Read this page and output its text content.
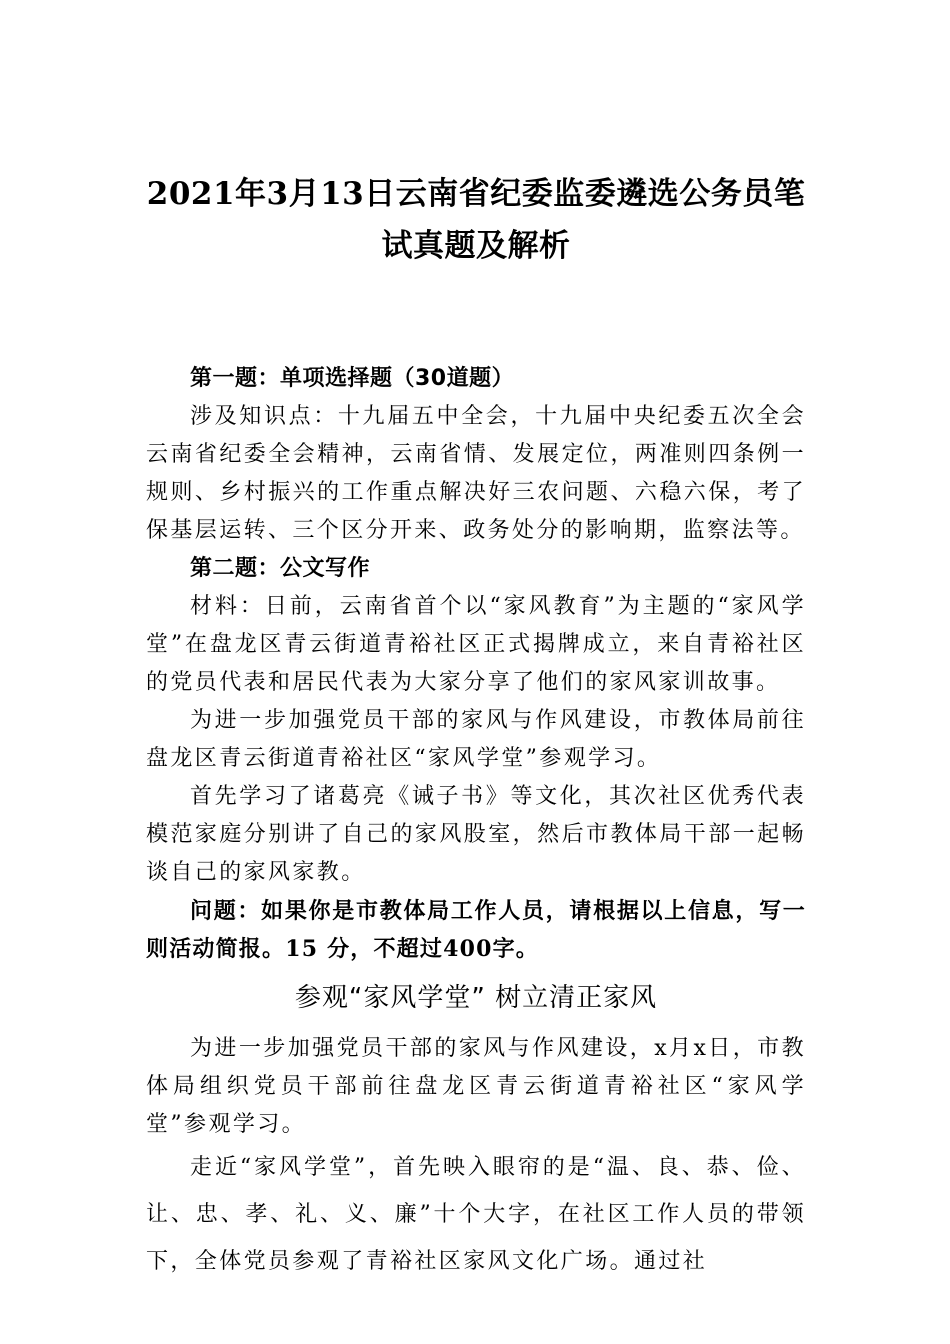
2021年3月13日云南省纪委监委遴选公务员笔试真题及解析

第一题：单项选择题（30道题）

涉及知识点：十九届五中全会，十九届中央纪委五次全会云南省纪委全会精神，云南省情、发展定位，两准则四条例一规则、乡村振兴的工作重点解决好三农问题、六稳六保，考了保基层运转、三个区分开来、政务处分的影响期，监察法等。

第二题：公文写作

材料：日前，云南省首个以“家风教育”为主题的“家风学堂”在盘龙区青云街道青裕社区正式揭牌成立，来自青裕社区的党员代表和居民代表为大家分享了他们的家风家训故事。

为进一步加强党员干部的家风与作风建设，市教体局前往盘龙区青云街道青裕社区“家风学堂”参观学习。

首先学习了诸葛亮《诫子书》等文化，其次社区优秀代表模范家庭分别讲了自己的家风股室，然后市教体局干部一起畅谈自己的家风家教。

问题：如果你是市教体局工作人员，请根据以上信息，写一则活动简报。15 分，不超过400字。

参观“家风学堂” 树立清正家风

为进一步加强党员干部的家风与作风建设，x月x日，市教体局组织党员干部前往盘龙区青云街道青裕社区“家风学堂”参观学习。

走近“家风学堂”，首先映入眼帘的是“温、良、恭、俭、让、忠、孝、礼、义、廉”十个大字，在社区工作人员的带领下，全体党员参观了青裕社区家风文化广场。通过社
